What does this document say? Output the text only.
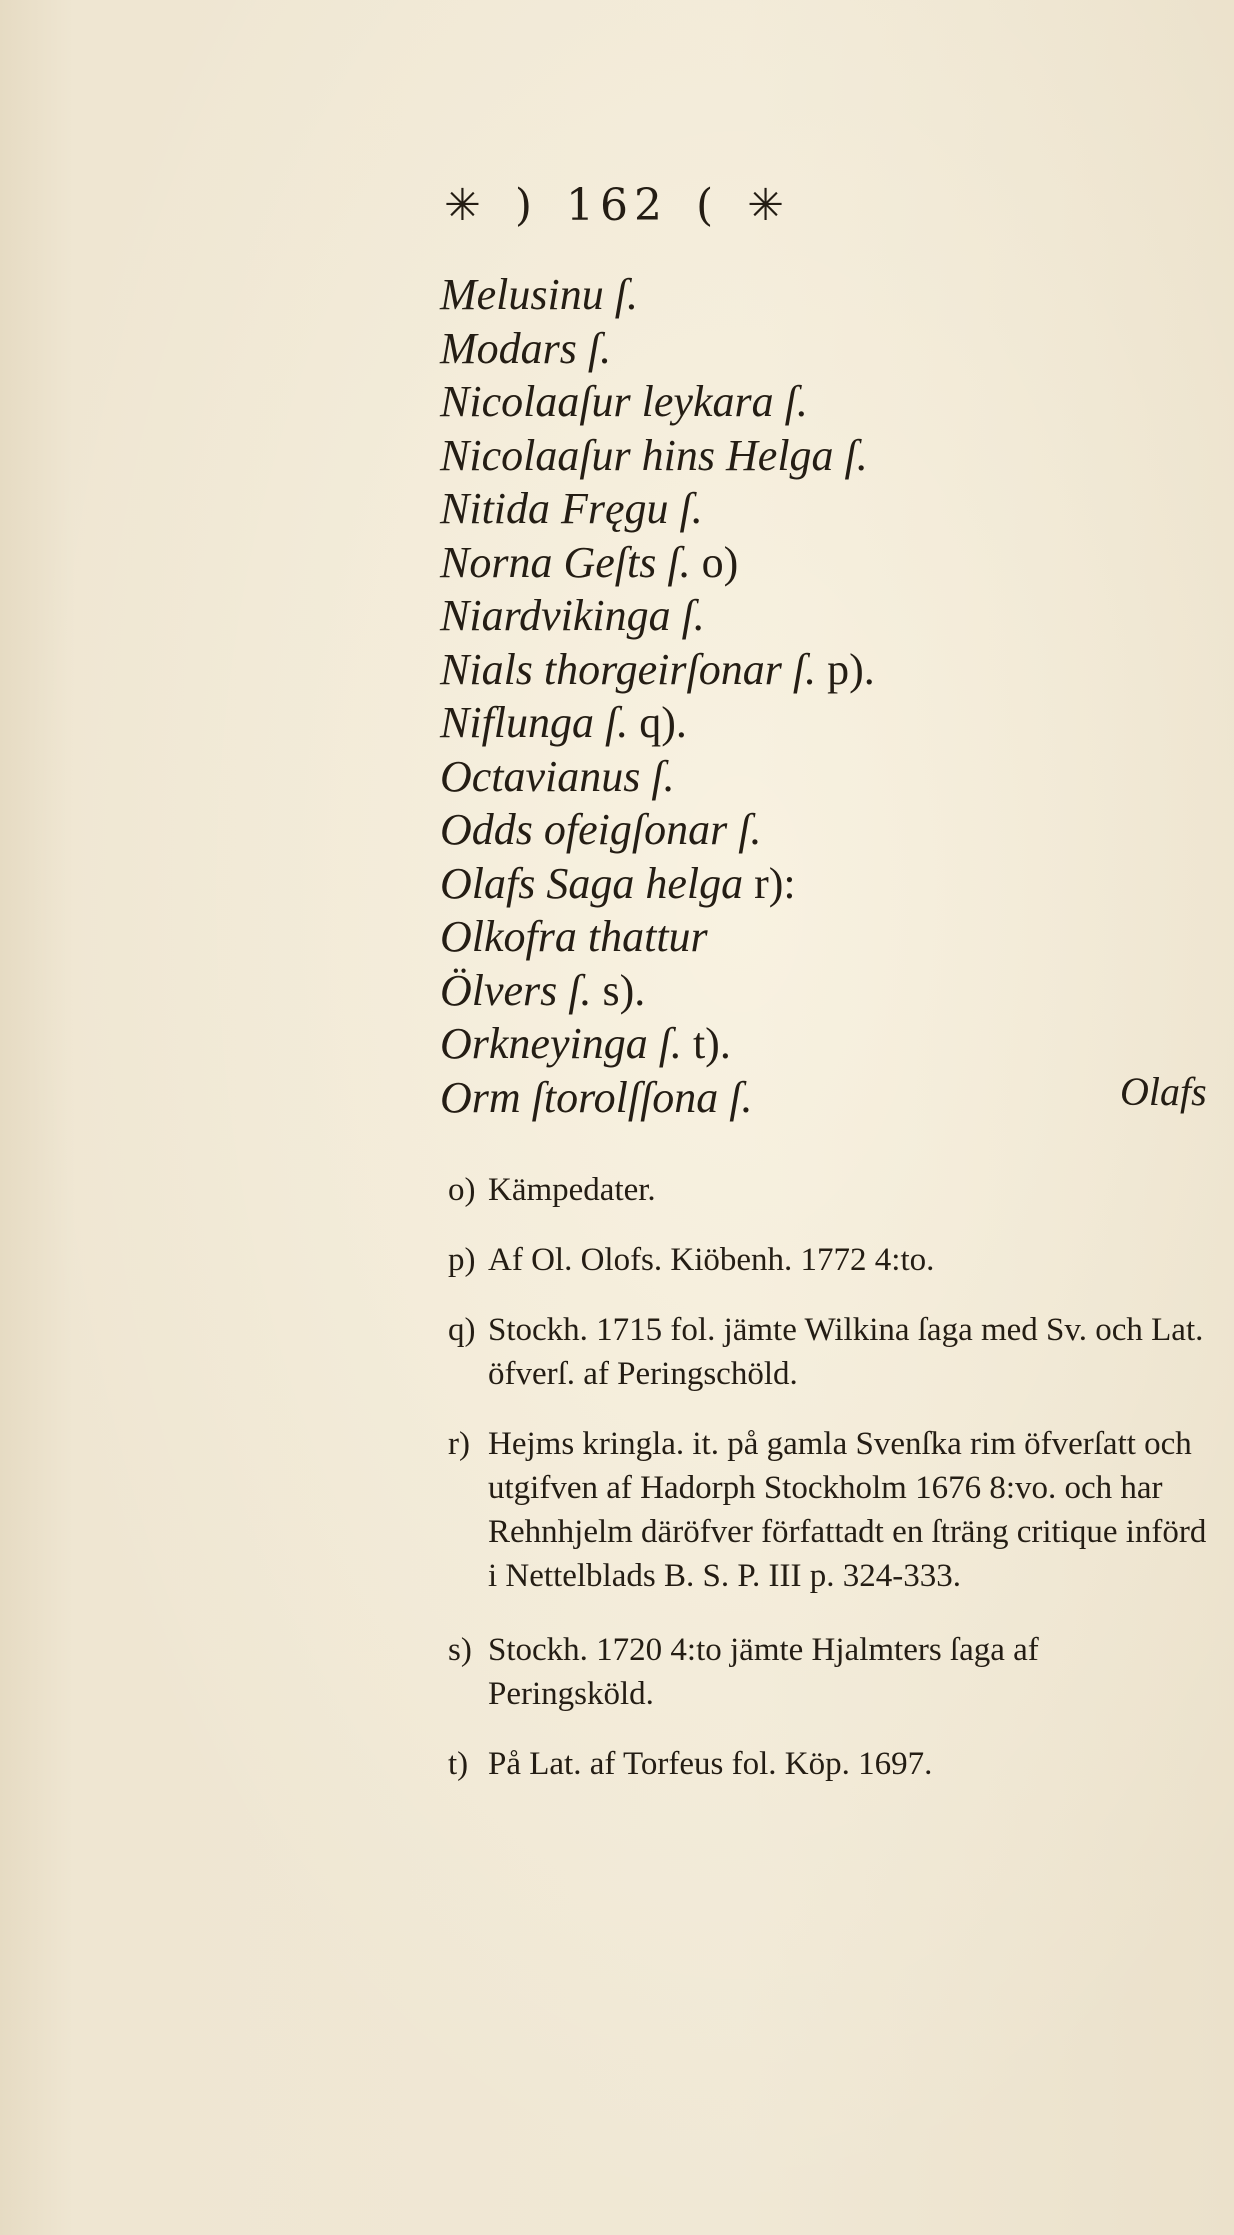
✳ ) 162 ( ✳
Melusinu ſ.
Modars ſ.
Nicolaaſur leykara ſ.
Nicolaaſur hins Helga ſ.
Nitida Fręgu ſ.
Norna Geſts ſ. o)
Niardvikinga ſ.
Nials thorgeirſonar ſ. p).
Niflunga ſ. q).
Octavianus ſ.
Odds ofeigſonar ſ.
Olafs Saga helga r):
Olkofra thattur
Ölvers ſ. s).
Orkneyinga ſ. t).
Orm ſtorolſſona ſ.	Olafs

o) Kämpedater.

p) Af Ol. Olofs. Kiöbenh. 1772 4:to.

q) Stockh. 1715 fol. jämte Wilkina ſaga med Sv. och Lat. öfverſ. af Peringschöld.

r) Hejms kringla. it. på gamla Svenſka rim öfverſatt och utgifven af Hadorph Stockholm 1676 8:vo. och har Rehnhjelm däröfver författadt en ſträng critique införd i Nettelblads B. S. P. III p. 324-333.

s) Stockh. 1720 4:to jämte Hjalmters ſaga af Peringsköld.

t) På Lat. af Torfeus fol. Köp. 1697.
